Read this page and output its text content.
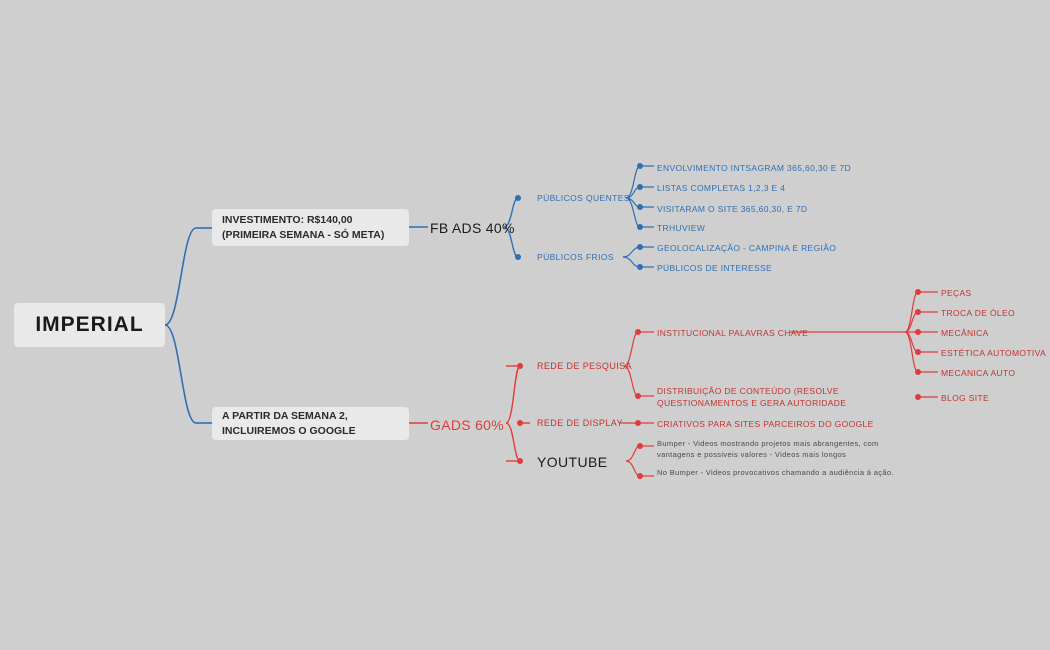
IMPERIAL
INVESTIMENTO: R$140,00 (PRIMEIRA SEMANA - SÓ META)
A PARTIR DA SEMANA 2, INCLUIREMOS O GOOGLE
FB ADS 40%
GADS 60%
PÚBLICOS QUENTES
PÚBLICOS FRIOS
REDE DE PESQUISA
REDE DE DISPLAY
YOUTUBE
ENVOLVIMENTO INTSAGRAM 365,60,30 E 7D
LISTAS COMPLETAS 1,2,3 E 4
VISITARAM O SITE 365,60,30, E 7D
TRHUVIEW
GEOLOCALIZAÇÃO - CAMPINA E REGIÃO
PÚBLICOS DE INTERESSE
INSTITUCIONAL PALAVRAS CHAVE
DISTRIBUIÇÃO DE CONTEÚDO (RESOLVE QUESTIONAMENTOS E GERA AUTORIDADE
CRIATIVOS PARA SITES PARCEIROS DO GOOGLE
Bumper - Videos mostrando projetos mais abrangentes, com vantagens e possiveis valores - Videos mais longos
No Bumper - Videos provocativos chamando a audiência á ação.
PEÇAS
TROCA DE ÓLEO
MECÂNICA
ESTÉTICA AUTOMOTIVA
MECANICA AUTO
BLOG SITE
